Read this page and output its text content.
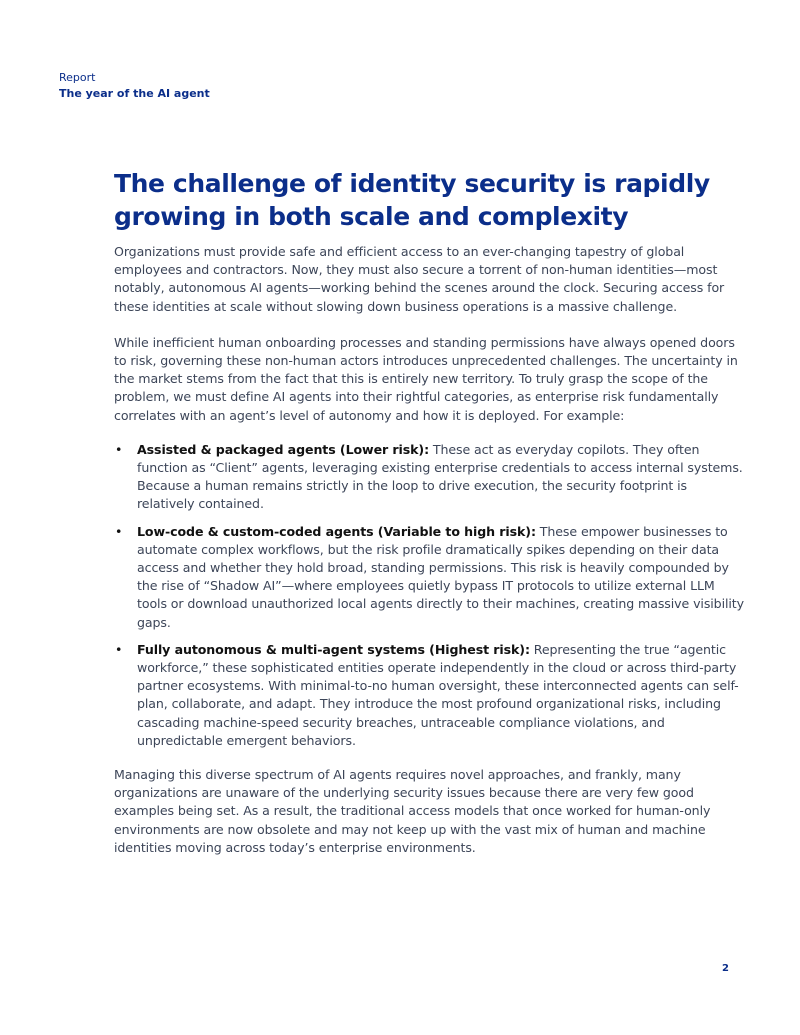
Report
The year of the AI agent
The challenge of identity security is rapidly growing in both scale and complexity

Organizations must provide safe and efficient access to an ever-changing tapestry of global employees and contractors. Now, they must also secure a torrent of non-human identities—most notably, autonomous AI agents—working behind the scenes around the clock. Securing access for these identities at scale without slowing down business operations is a massive challenge.

While inefficient human onboarding processes and standing permissions have always opened doors to risk, governing these non-human actors introduces unprecedented challenges. The uncertainty in the market stems from the fact that this is entirely new territory. To truly grasp the scope of the problem, we must define AI agents into their rightful categories, as enterprise risk fundamentally correlates with an agent’s level of autonomy and how it is deployed. For example:

• Assisted & packaged agents (Lower risk): These act as everyday copilots. They often function as “Client” agents, leveraging existing enterprise credentials to access internal systems. Because a human remains strictly in the loop to drive execution, the security footprint is relatively contained.
• Low-code & custom-coded agents (Variable to high risk): These empower businesses to automate complex workflows, but the risk profile dramatically spikes depending on their data access and whether they hold broad, standing permissions. This risk is heavily compounded by the rise of “Shadow AI”—where employees quietly bypass IT protocols to utilize external LLM tools or download unauthorized local agents directly to their machines, creating massive visibility gaps.
• Fully autonomous & multi-agent systems (Highest risk): Representing the true “agentic workforce,” these sophisticated entities operate independently in the cloud or across third-party partner ecosystems. With minimal-to-no human oversight, these interconnected agents can self-plan, collaborate, and adapt. They introduce the most profound organizational risks, including cascading machine-speed security breaches, untraceable compliance violations, and unpredictable emergent behaviors.

Managing this diverse spectrum of AI agents requires novel approaches, and frankly, many organizations are unaware of the underlying security issues because there are very few good examples being set. As a result, the traditional access models that once worked for human-only environments are now obsolete and may not keep up with the vast mix of human and machine identities moving across today’s enterprise environments.

2
